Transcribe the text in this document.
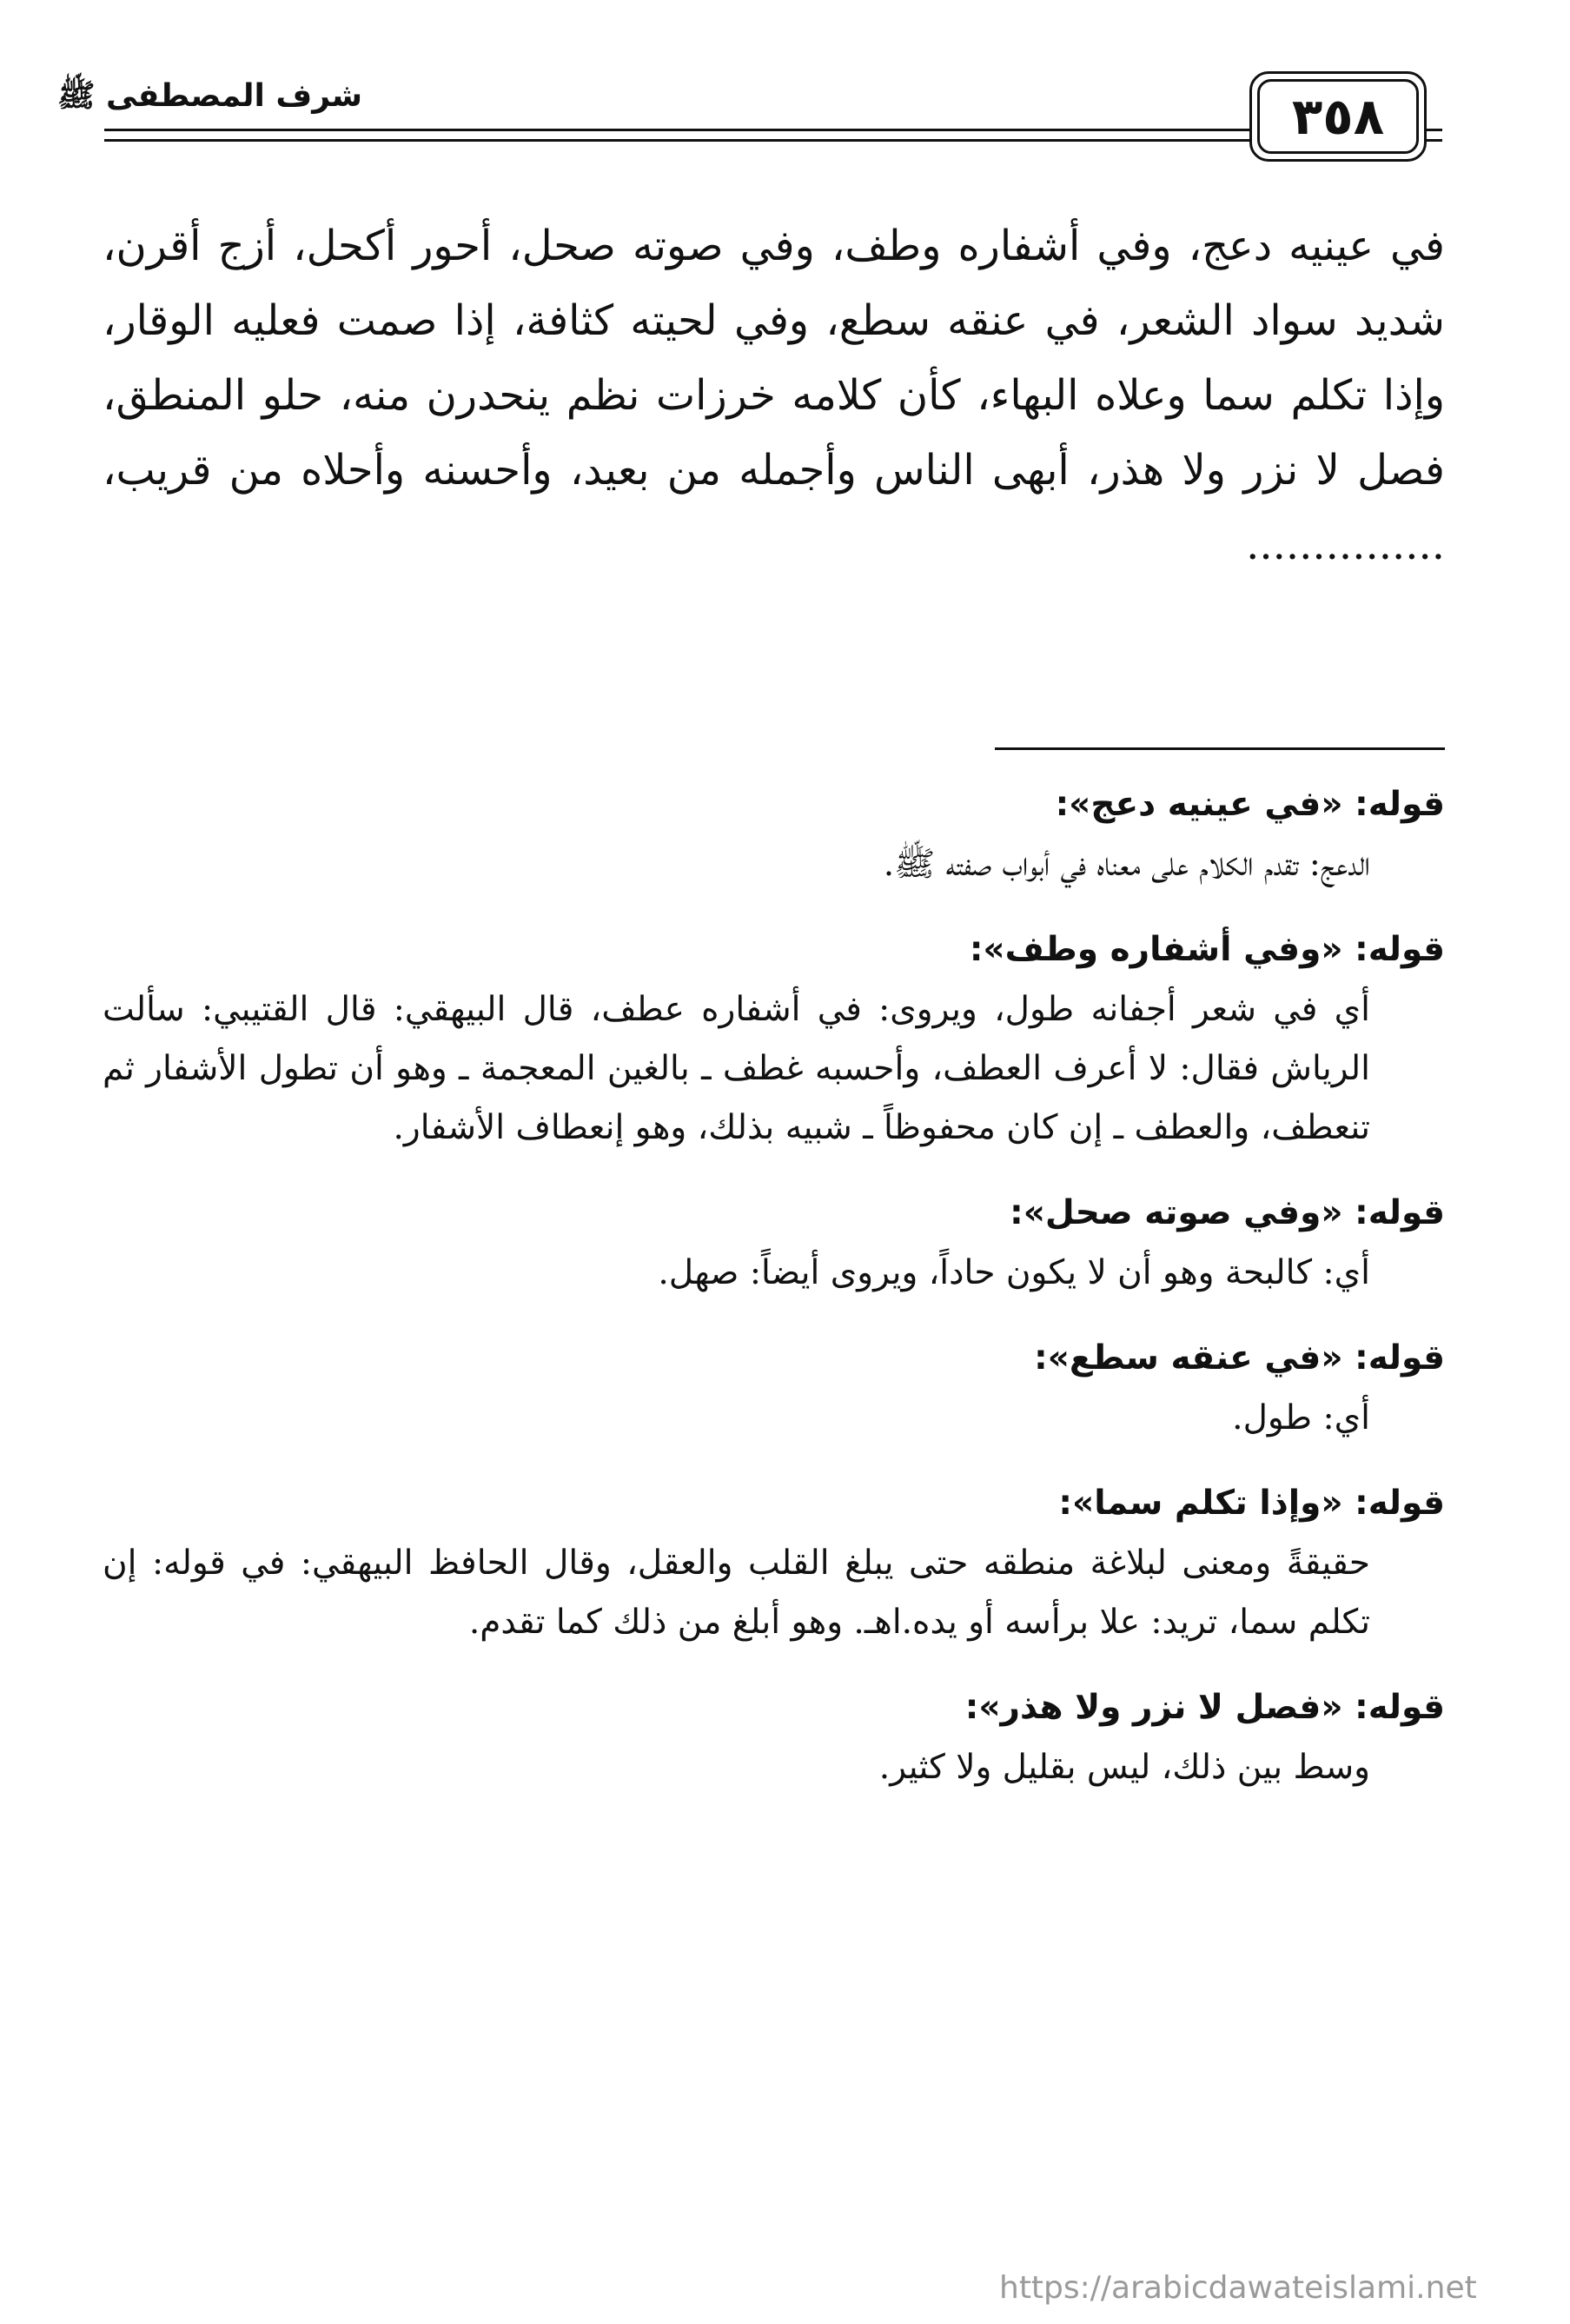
شرف المصطفى ﷺ	٣٥٨

في عينيه دعج، وفي أشفاره وطف، وفي صوته صحل، أحور أكحل، أزج أقرن، شديد سواد الشعر، في عنقه سطع، وفي لحيته كثافة، إذا صمت فعليه الوقار، وإذا تكلم سما وعلاه البهاء، كأن كلامه خرزات نظم ينحدرن منه، حلو المنطق، فصل لا نزر ولا هذر، أبهى الناس وأجمله من بعيد، وأحسنه وأحلاه من قريب، ...............

قوله: «في عينيه دعج»:
الدعج: تقدم الكلام على معناه في أبواب صفته ﷺ.
قوله: «وفي أشفاره وطف»:
أي في شعر أجفانه طول، ويروى: في أشفاره عطف، قال البيهقي: قال القتيبي: سألت الرياش فقال: لا أعرف العطف، وأحسبه غطف ـ بالغين المعجمة ـ وهو أن تطول الأشفار ثم تنعطف، والعطف ـ إن كان محفوظاً ـ شبيه بذلك، وهو إنعطاف الأشفار.
قوله: «وفي صوته صحل»:
أي: كالبحة وهو أن لا يكون حاداً، ويروى أيضاً: صهل.
قوله: «في عنقه سطع»:
أي: طول.
قوله: «وإذا تكلم سما»:
حقيقةً ومعنى لبلاغة منطقه حتى يبلغ القلب والعقل، وقال الحافظ البيهقي: في قوله: إن تكلم سما، تريد: علا برأسه أو يده.اهـ. وهو أبلغ من ذلك كما تقدم.
قوله: «فصل لا نزر ولا هذر»:
وسط بين ذلك، ليس بقليل ولا كثير.
https://arabicdawateislami.net
